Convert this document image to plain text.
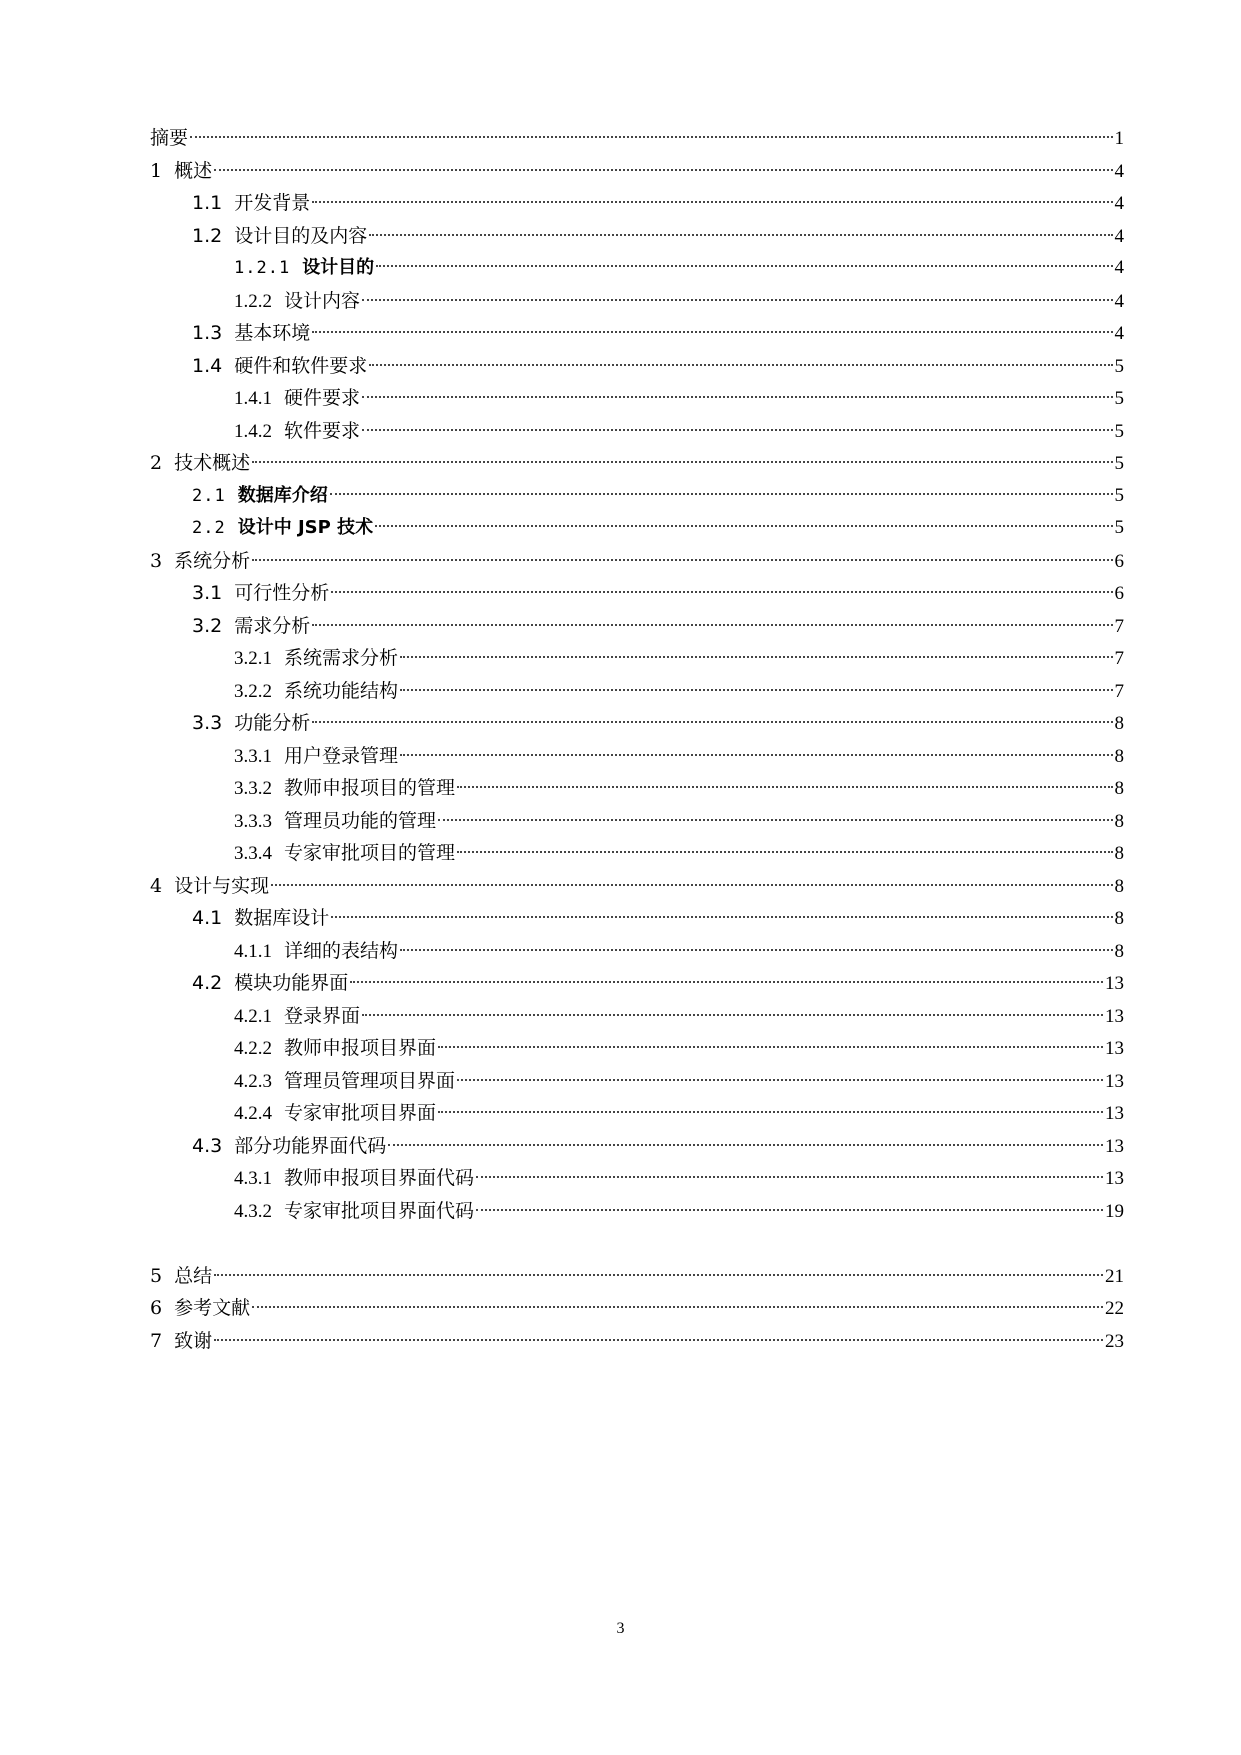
摘要	1
1 概述	4
1.1 开发背景	4
1.2 设计目的及内容	4
1.2.1 设计目的	4
1.2.2 设计内容	4
1.3 基本环境	4
1.4 硬件和软件要求	5
1.4.1 硬件要求	5
1.4.2 软件要求	5
2 技术概述	5
2.1 数据库介绍	5
2.2 设计中 JSP 技术	5
3 系统分析	6
3.1 可行性分析	6
3.2 需求分析	7
3.2.1 系统需求分析	7
3.2.2 系统功能结构	7
3.3 功能分析	8
3.3.1 用户登录管理	8
3.3.2 教师申报项目的管理	8
3.3.3 管理员功能的管理	8
3.3.4 专家审批项目的管理	8
4 设计与实现	8
4.1 数据库设计	8
4.1.1 详细的表结构	8
4.2 模块功能界面	13
4.2.1 登录界面	13
4.2.2 教师申报项目界面	13
4.2.3 管理员管理项目界面	13
4.2.4 专家审批项目界面	13
4.3 部分功能界面代码	13
4.3.1 教师申报项目界面代码	13
4.3.2 专家审批项目界面代码	19
5 总结	21
6 参考文献	22
7 致谢	23
3
